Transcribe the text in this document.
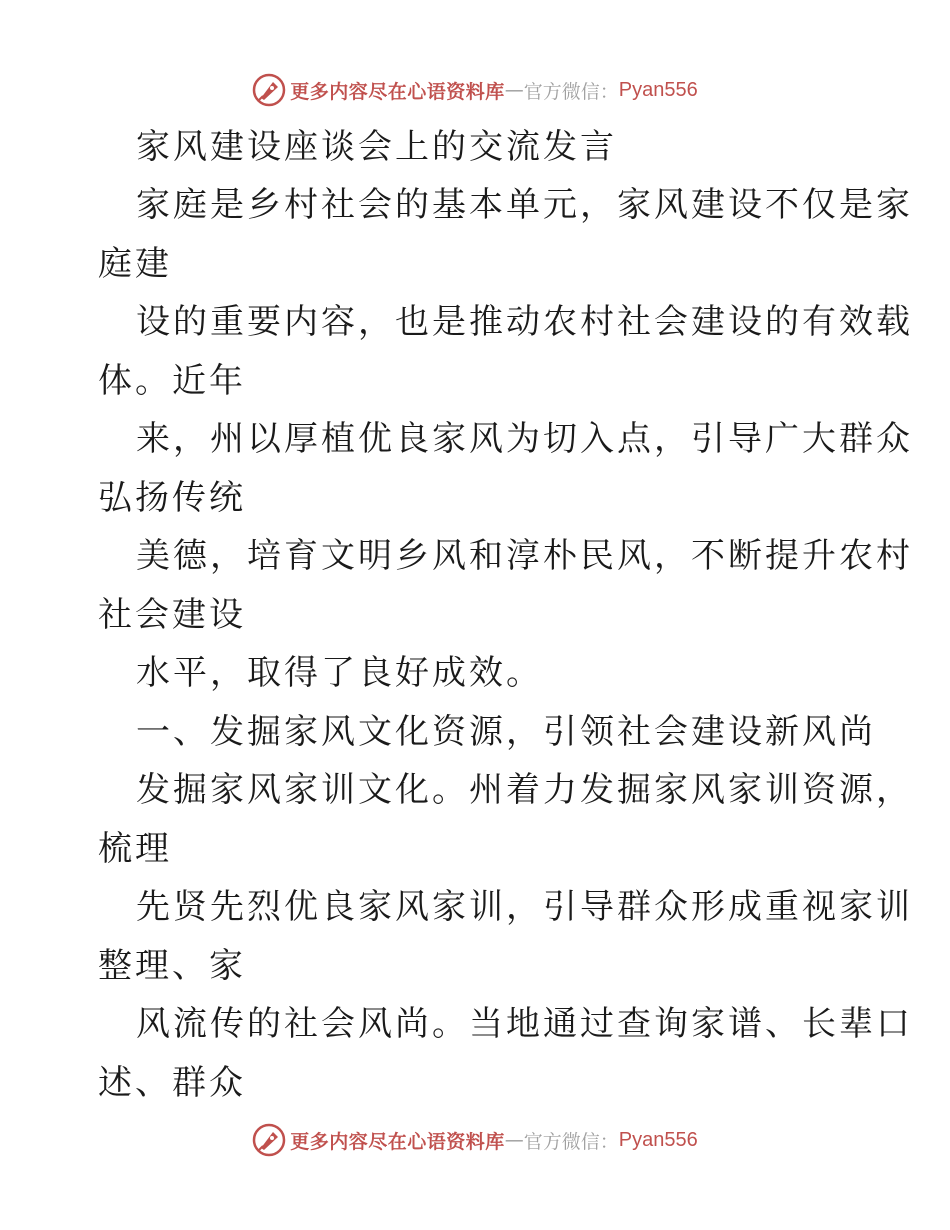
更多内容尽在心语资料库 — 官方微信： Pyan556
家风建设座谈会上的交流发言
家庭是乡村社会的基本单元，家风建设不仅是家
庭建
设的重要内容，也是推动农村社会建设的有效载
体。近年
来，州以厚植优良家风为切入点，引导广大群众
弘扬传统
美德，培育文明乡风和淳朴民风，不断提升农村
社会建设
水平，取得了良好成效。
一、发掘家风文化资源，引领社会建设新风尚
发掘家风家训文化。州着力发掘家风家训资源，
梳理
先贤先烈优良家风家训，引导群众形成重视家训
整理、家
风流传的社会风尚。当地通过查询家谱、长辈口
述、群众
更多内容尽在心语资料库 — 官方微信： Pyan556
